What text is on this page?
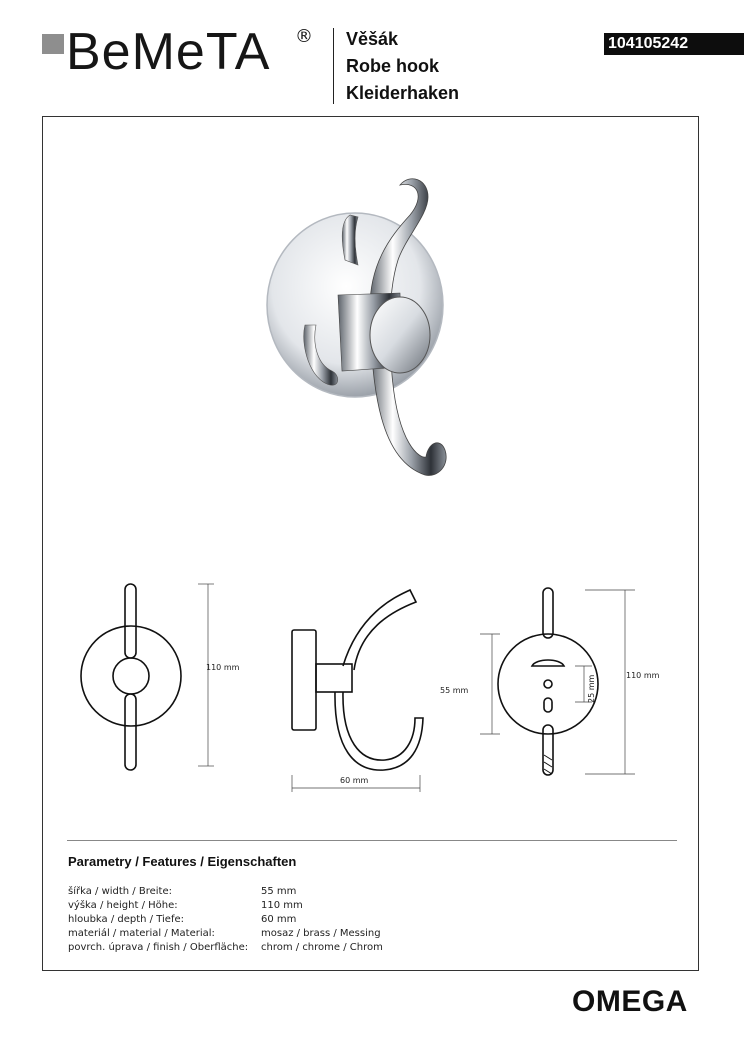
BeMeTA ® Věšák
Robe hook
Kleiderhaken
104105242
110 mm
60 mm
55 mm	25 mm	110 mm
Parametry / Features / Eigenschaften
šířka / width / Breite:	55 mm
výška / height / Höhe:	110 mm
hloubka / depth / Tiefe:	60 mm
materiál / material / Material:	mosaz / brass / Messing
povrch. úprava / finish / Oberfläche: chrom / chrome / Chrom
OMEGA
